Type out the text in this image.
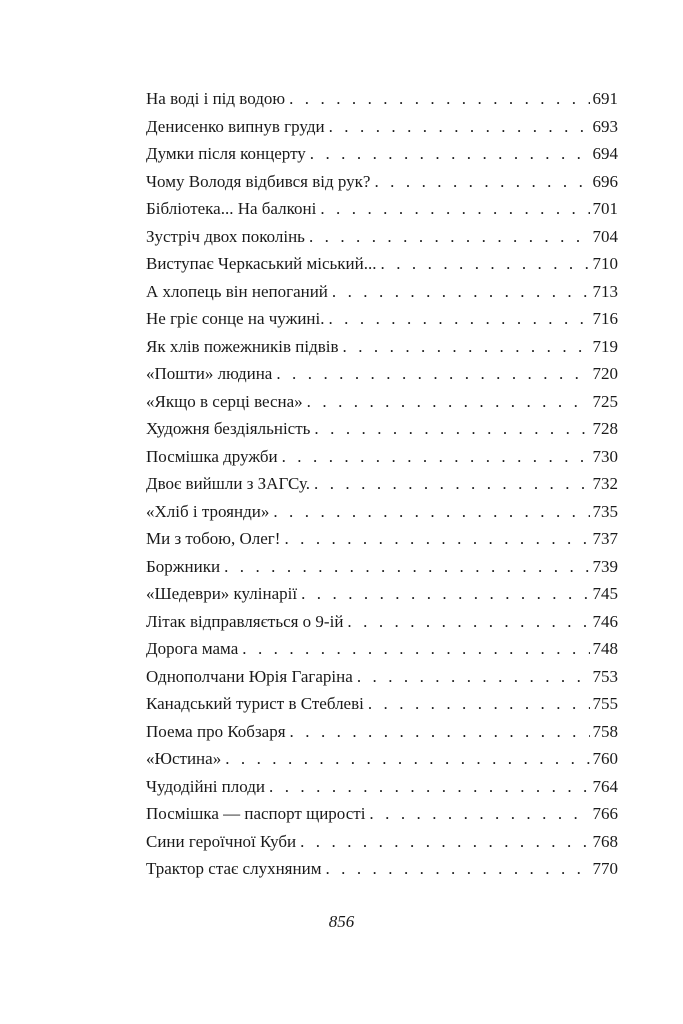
На воді і під водою . . .	691
Денисенко випнув груди . . .	693
Думки після концерту . . .	694
Чому Володя відбився від рук? . . .	696
Бібліотека... На балконі . . .	701
Зустріч двох поколінь . . .	704
Виступає Черкаський міський... . . .	710
А хлопець він непоганий . . .	713
Не гріє сонце на чужині. . . .	716
Як хлів пожежників підвів . . .	719
«Пошти» людина . . .	720
«Якщо в серці весна» . . .	725
Художня бездіяльність . . .	728
Посмішка дружби . . .	730
Двоє вийшли з ЗАГСу. . . .	732
«Хліб і троянди» . . .	735
Ми з тобою, Олег! . . .	737
Боржники . . .	739
«Шедеври» кулінарії . . .	745
Літак відправляється о 9-ій . . .	746
Дорога мама . . .	748
Однополчани Юрія Гагаріна . . .	753
Канадський турист в Стеблеві . . .	755
Поема про Кобзаря . . .	758
«Юстина» . . .	760
Чудодійні плоди . . .	764
Посмішка — паспорт щирості . . .	766
Сини героїчної Куби . . .	768
Трактор стає слухняним . . .	770
856
